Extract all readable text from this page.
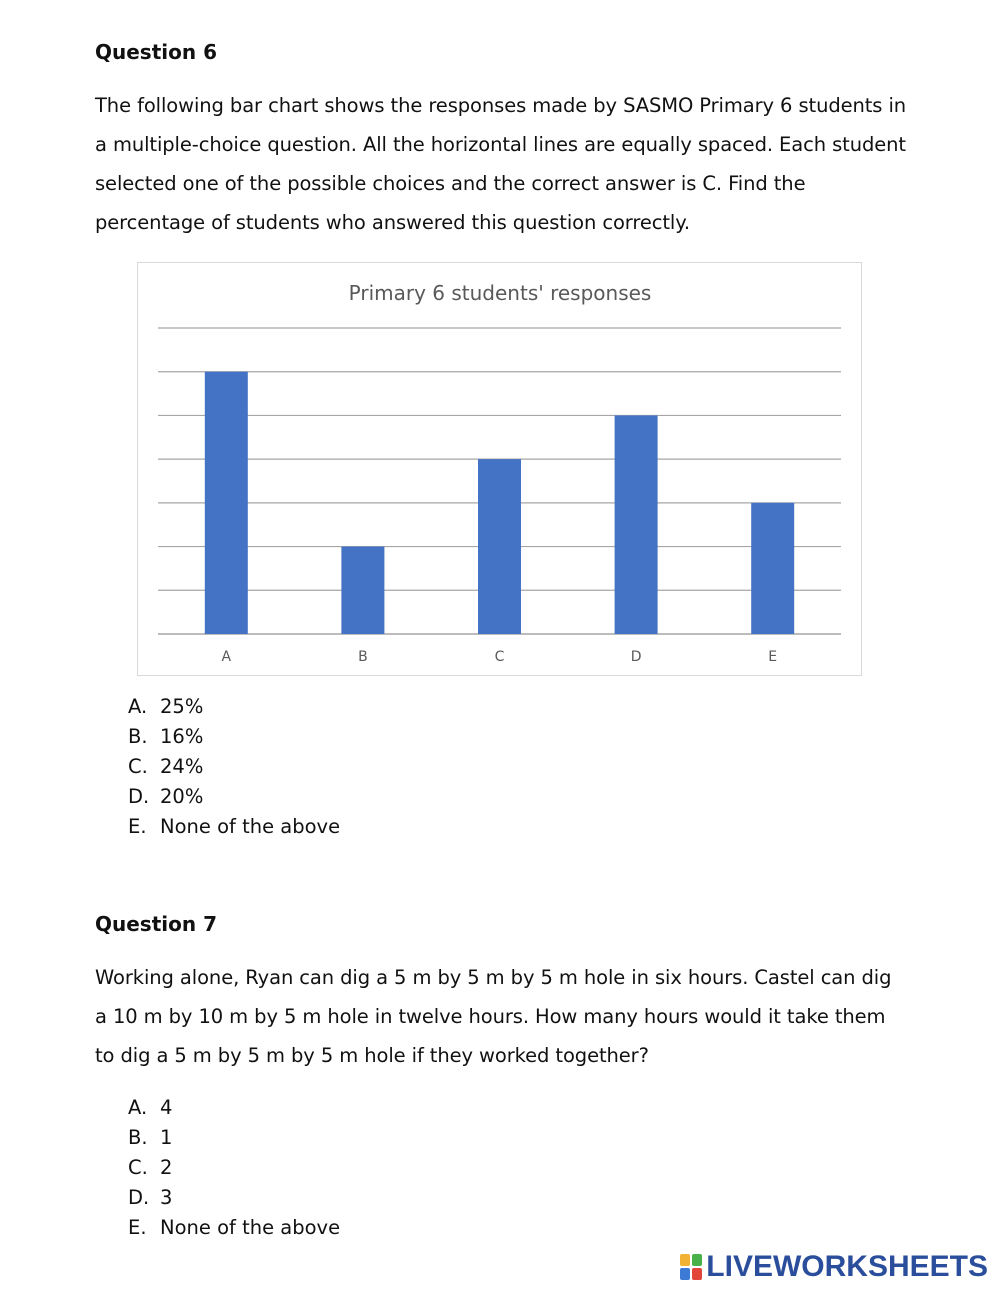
Question 6
The following bar chart shows the responses made by SASMO Primary 6 students in
a multiple-choice question. All the horizontal lines are equally spaced. Each student
selected one of the possible choices and the correct answer is C. Find the
percentage of students who answered this question correctly.
Primary 6 students' responses
A	B	C	D	E
A. 25%
B. 16%
C. 24%
D. 20%
E. None of the above
Question 7
Working alone, Ryan can dig a 5 m by 5 m by 5 m hole in six hours. Castel can dig
a 10 m by 10 m by 5 m hole in twelve hours. How many hours would it take them
to dig a 5 m by 5 m by 5 m hole if they worked together?
A. 4
B. 1
C. 2
D. 3
E. None of the above
LIVEWORKSHEETS
